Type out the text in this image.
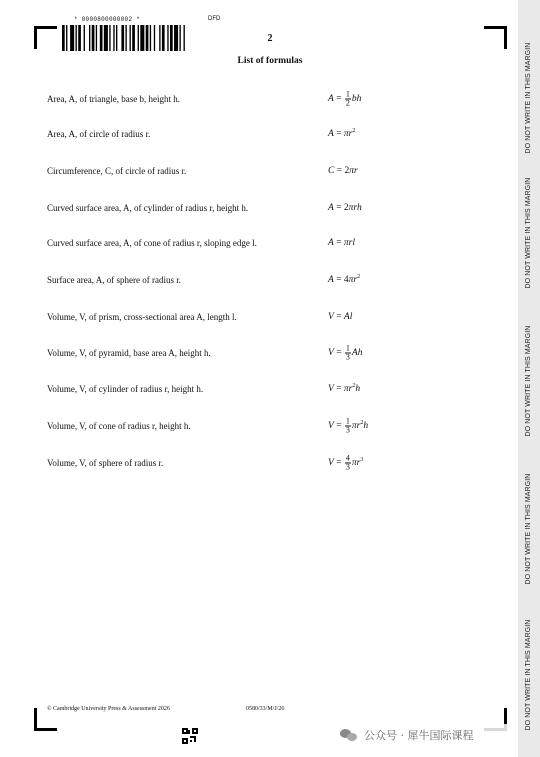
DO NOT WRITE IN THIS MARGIN
DO NOT WRITE IN THIS MARGIN
DO NOT WRITE IN THIS MARGIN
DO NOT WRITE IN THIS MARGIN
DO NOT WRITE IN THIS MARGIN
* 0000800000002 *	DFD
2
List of formulas
Area, A, of triangle, base b, height h.	$A = \frac{1}{2}$ bh
Area, A, of circle of radius r.	$A = \pi r^2$
Circumference, C, of circle of radius r.	C = 2πr
Curved surface area, A, of cylinder of radius r, height h.	A = 2πrh
Curved surface area, A, of cone of radius r, sloping edge l.	A = πrl
Surface area, A, of sphere of radius r.	$A = 4\pi r^2$
Volume, V, of prism, cross-sectional area A, length l.	V = Al
Volume, V, of pyramid, base area A, height h.	$V = \frac{1}{3}$ Ah
Volume, V, of cylinder of radius r, height h.	$V = \pi r^2h$
Volume, V, of cone of radius r, height h.	$V = \frac{1}{3} \pi r^2h$
Volume, V, of sphere of radius r.	$V = \frac{4}{3} \pi r^3$
© Cambridge University Press & Assessment 2026	0580/33/M/J/26
公众号 · 犀牛国际课程
